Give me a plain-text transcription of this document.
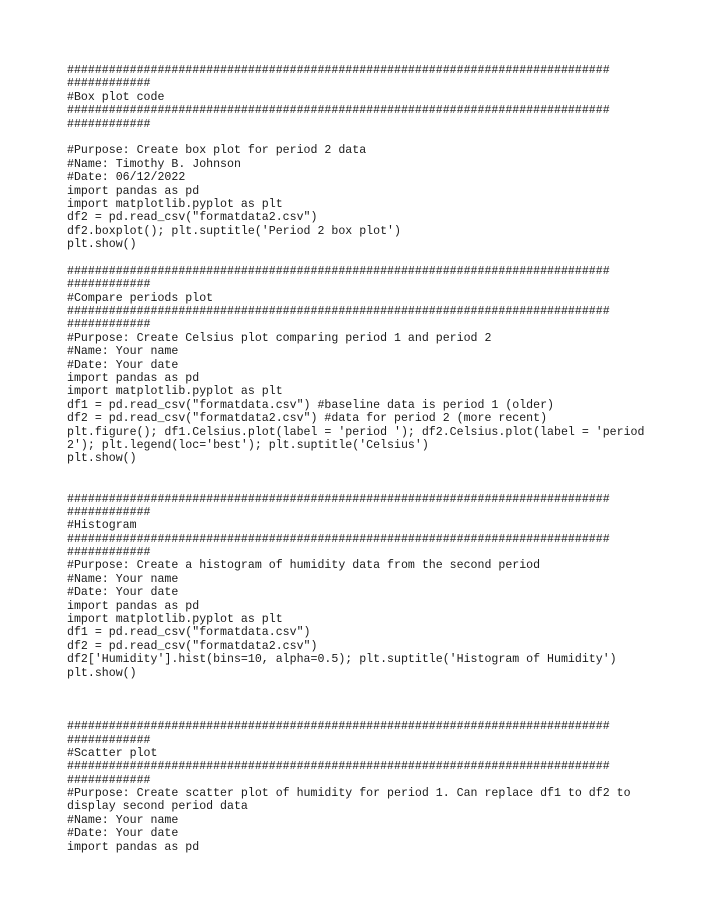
##############################################################################
############
#Box plot code
##############################################################################
############
#Purpose: Create box plot for period 2 data
#Name: Timothy B. Johnson
#Date: 06/12/2022
import pandas as pd
import matplotlib.pyplot as plt
df2 = pd.read_csv("formatdata2.csv")
df2.boxplot(); plt.suptitle('Period 2 box plot')
plt.show()
##############################################################################
############
#Compare periods plot
##############################################################################
############
#Purpose: Create Celsius plot comparing period 1 and period 2
#Name: Your name
#Date: Your date
import pandas as pd
import matplotlib.pyplot as plt
df1 = pd.read_csv("formatdata.csv") #baseline data is period 1 (older)
df2 = pd.read_csv("formatdata2.csv") #data for period 2 (more recent)
plt.figure(); df1.Celsius.plot(label = 'period '); df2.Celsius.plot(label = 'period
2'); plt.legend(loc='best'); plt.suptitle('Celsius')
plt.show()
##############################################################################
############
#Histogram
##############################################################################
############
#Purpose: Create a histogram of humidity data from the second period
#Name: Your name
#Date: Your date
import pandas as pd
import matplotlib.pyplot as plt
df1 = pd.read_csv("formatdata.csv")
df2 = pd.read_csv("formatdata2.csv")
df2['Humidity'].hist(bins=10, alpha=0.5); plt.suptitle('Histogram of Humidity')
plt.show()
##############################################################################
############
#Scatter plot
##############################################################################
############
#Purpose: Create scatter plot of humidity for period 1. Can replace df1 to df2 to
display second period data
#Name: Your name
#Date: Your date
import pandas as pd
